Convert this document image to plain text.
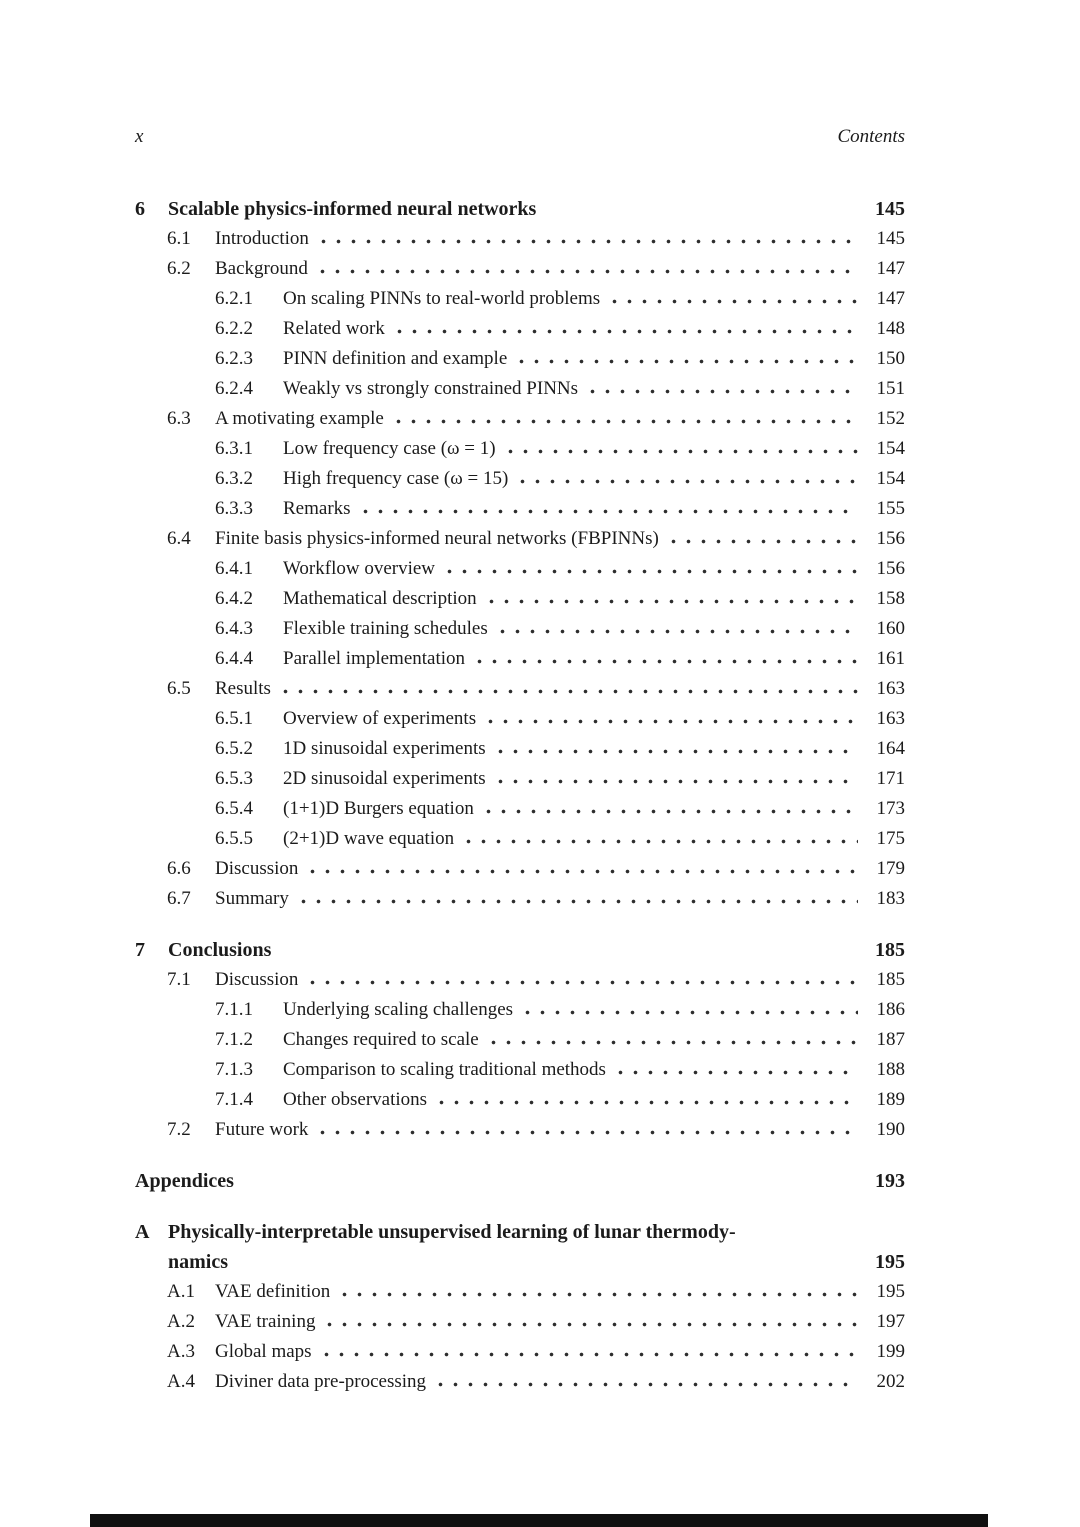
x	Contents
6	Scalable physics-informed neural networks	145
6.1	Introduction	145
6.2	Background	147
6.2.1	On scaling PINNs to real-world problems	147
6.2.2	Related work	148
6.2.3	PINN definition and example	150
6.2.4	Weakly vs strongly constrained PINNs	151
6.3	A motivating example	152
6.3.1	Low frequency case (ω = 1)	154
6.3.2	High frequency case (ω = 15)	154
6.3.3	Remarks	155
6.4	Finite basis physics-informed neural networks (FBPINNs)	156
6.4.1	Workflow overview	156
6.4.2	Mathematical description	158
6.4.3	Flexible training schedules	160
6.4.4	Parallel implementation	161
6.5	Results	163
6.5.1	Overview of experiments	163
6.5.2	1D sinusoidal experiments	164
6.5.3	2D sinusoidal experiments	171
6.5.4	(1+1)D Burgers equation	173
6.5.5	(2+1)D wave equation	175
6.6	Discussion	179
6.7	Summary	183
7	Conclusions	185
7.1	Discussion	185
7.1.1	Underlying scaling challenges	186
7.1.2	Changes required to scale	187
7.1.3	Comparison to scaling traditional methods	188
7.1.4	Other observations	189
7.2	Future work	190
Appendices	193
A Physically-interpretable unsupervised learning of lunar thermody-
namics	195
A.1	VAE definition	195
A.2	VAE training	197
A.3	Global maps	199
A.4	Diviner data pre-processing	202
